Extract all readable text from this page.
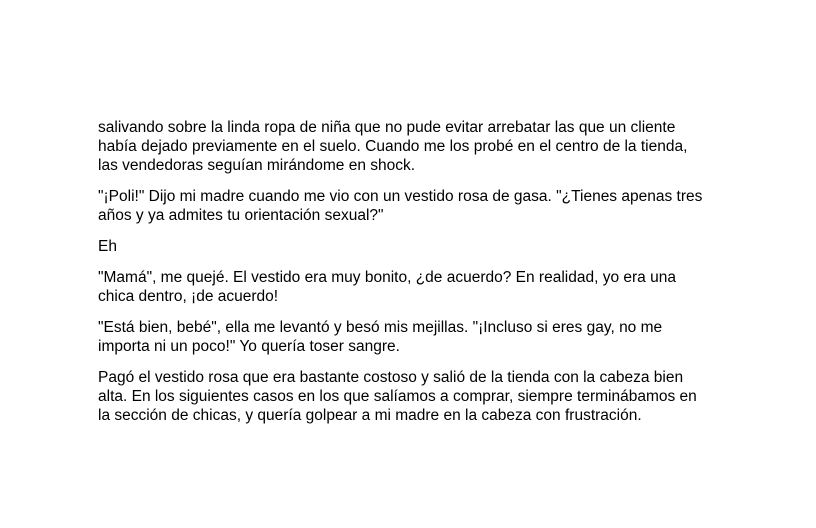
salivando sobre la linda ropa de niña que no pude evitar arrebatar las que un cliente
había dejado previamente en el suelo. Cuando me los probé en el centro de la tienda,
las vendedoras seguían mirándome en shock.

"¡Poli!" Dijo mi madre cuando me vio con un vestido rosa de gasa. "¿Tienes apenas tres
años y ya admites tu orientación sexual?"

Eh

"Mamá", me quejé. El vestido era muy bonito, ¿de acuerdo? En realidad, yo era una
chica dentro, ¡de acuerdo!

"Está bien, bebé", ella me levantó y besó mis mejillas. "¡Incluso si eres gay, no me
importa ni un poco!" Yo quería toser sangre.

Pagó el vestido rosa que era bastante costoso y salió de la tienda con la cabeza bien
alta. En los siguientes casos en los que salíamos a comprar, siempre terminábamos en
la sección de chicas, y quería golpear a mi madre en la cabeza con frustración.
